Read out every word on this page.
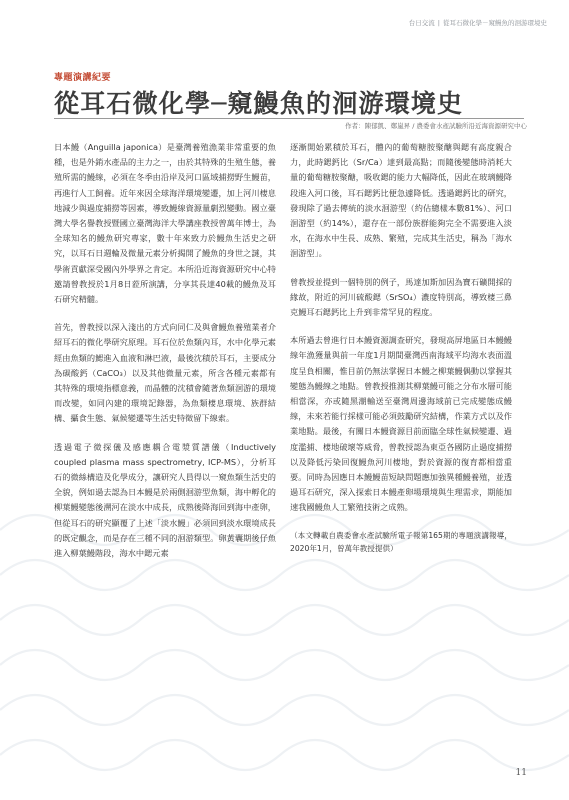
台日交流 | 從耳石微化學－窺鰻魚的洄游環境史
專題演講紀要
從耳石微化學─窺鰻魚的洄游環境史
作者：陳郁凱、鄭嵐昇 / 農委會水產試驗所沿近海資源研究中心

日本鰻（Anguilla japonica）是臺灣養殖漁業非常重要的魚種，也是外銷水產品的主力之一，由於其特殊的生殖生態，養殖所需的鰻線，必須在冬季由沿岸及河口區域捕撈野生鰻苗，再進行人工飼養。近年來因全球海洋環境變遷，加上河川棲息地減少與過度捕撈等因素，導致鰻線資源量劇烈變動。國立臺灣大學名譽教授暨國立臺灣海洋大學講座教授曾萬年博士，為全球知名的鰻魚研究專家，數十年來致力於鰻魚生活史之研究，以耳石日週輪及微量元素分析揭開了鰻魚的身世之謎，其學術貢獻深受國內外學界之肯定。本所沿近海資源研究中心特邀請曾教授於1月8日蒞所演講，分享其長達40載的鰻魚及耳石研究精髓。

首先，曾教授以深入淺出的方式向同仁及與會鰻魚養殖業者介紹耳石的微化學研究原理。耳石位於魚類內耳，水中化學元素經由魚類的鰓進入血液和淋巴液，最後沈積於耳石，主要成分為碳酸鈣（CaCO₃）以及其他微量元素，所含各種元素都有其特殊的環境指標意義，而晶體的沈積會隨著魚類洄游的環境而改變，如同內建的環境記錄器，為魚類棲息環境、族群結構、攝食生態、氣候變遷等生活史特徵留下線索。

透過電子微探儀及感應耦合電漿質譜儀（Inductively coupled plasma mass spectrometry, ICP-MS），分析耳石的微絲構造及化學成分，讓研究人員得以一窺魚類生活史的全貌，例如過去認為日本鰻是於兩側洄游型魚類，海中孵化的柳葉鰻變態後溯河在淡水中成長，成熟後降海回到海中產卵，但從耳石的研究顯覆了上述「淡水鰻」必須回到淡水環境成長的既定觀念，而是存在三種不同的洄游類型。卵黃囊期後仔魚進入柳葉鰻階段，海水中鍶元素

逐漸開始累積於耳石，體內的葡萄糖胺聚醣與鍶有高度親合力，此時鍶鈣比（Sr/Ca）達到最高點；而隨後變態時消耗大量的葡萄糖胺聚醣，吸收鍶的能力大幅降低，因此在玻璃鰻降段進入河口後，耳石鍶鈣比便急遽降低。透過鍶鈣比的研究，發現除了過去傳統的淡水洄游型（約佔總樣本數81%）、河口洄游型（約14%），還存在一部份族群能夠完全不需要進入淡水，在海水中生長、成熟、繁殖，完成其生活史，稱為「海水洄游型」。

曾教授並提到一個特別的例子，馬達加斯加因為寶石礦開採的緣故，附近的河川硫酸鍶（SrSO₄）濃度特別高，導致棲三鼻克鰻耳石鍶鈣比上升到非常罕見的程度。

本所過去曾進行日本鰻資源調查研究，發現高屏地區日本鰻鰻線年漁獲量與前一年度1月期間臺灣西南海域平均海水表面溫度呈負相關，惟目前仍無法掌握日本鰻之柳葉鰻偶動以掌握其變態為鰻線之地點。曾教授推測其柳葉鰻可能之分布水層可能相當深，亦或隨黑潮輸送至臺灣周邊海域前已完成變態成鰻線，未來若能行採樣可能必須鼓勵研究結構，作業方式以及作業地點。最後，有關日本鰻資源目前面臨全球性氣候變遷、過度濫捕、棲地破壞等威脅，曾教授認為東亞各國防止過度捕撈以及降低污染回復鰻魚河川棲地，對於資源的復育都相當重要。同時為因應日本鰻鰻苗短缺問題應加強異種鰻養殖，並透過耳石研究，深入探索日本鰻產卵場環境與生理需求，期能加速我國鰻魚人工繁殖技術之成熟。

（本文轉載自農委會水產試驗所電子報第165期的專題演講報導，2020年1月，曾萬年教授提供）

11
